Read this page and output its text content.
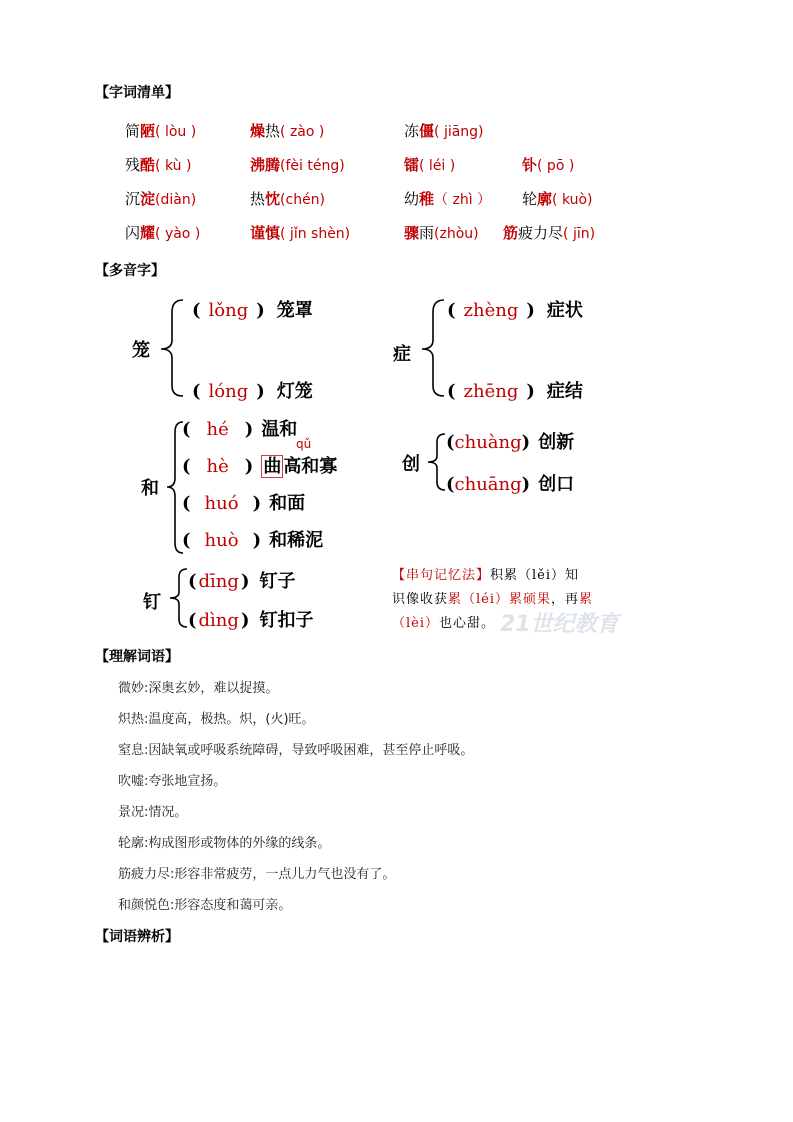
【字词清单】
简陋( lòu )	燥热( zào )	冻僵( jiāng)
残酷( kù )	沸腾(fèi téng)	镭( léi )	钋( pō )
沉淀(diàn)	热忱(chén)	幼稚（ zhì ） 轮廓( kuò)
闪耀( yào )	谨慎( jǐn shèn)	骤雨(zhòu) 筋疲力尽( jīn)
【多音字】
笼
( lǒng ) 笼罩
( lóng ) 灯笼
症
( zhèng ) 症状
( zhēng ) 症结
和
( hé ) 温和
qǔ
( hè ) 曲 高和寡
( huó ) 和面
( huò ) 和稀泥
创
(chuàng) 创新
(chuāng) 创口
钉
( dīng ) 钉子
( dìng ) 钉扣子
【串句记忆法】积累（lěi）知
识像收获累（léi）累硕果，再累
（lèi）也心甜。 21世纪教育
【理解词语】
微妙:深奥玄妙，难以捉摸。
炽热:温度高，极热。炽，(火)旺。
窒息:因缺氧或呼吸系统障碍，导致呼吸困难，甚至停止呼吸。
吹嘘:夸张地宣扬。
景况:情况。
轮廓:构成图形或物体的外缘的线条。
筋疲力尽:形容非常疲劳，一点儿力气也没有了。
和颜悦色:形容态度和蔼可亲。
【词语辨析】
